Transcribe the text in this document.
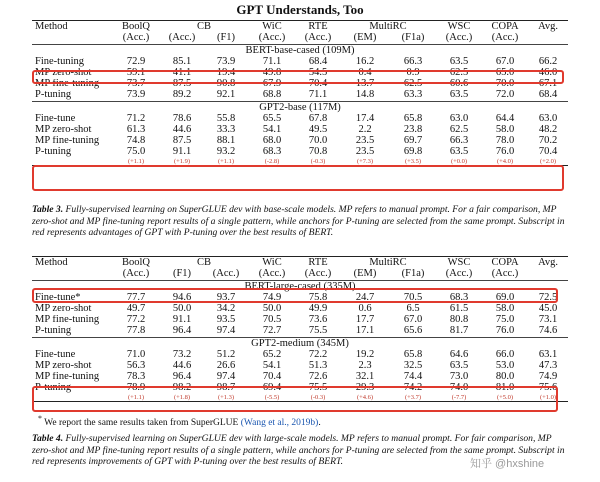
GPT Understands, Too
Method	BoolQ	CB		WiC	RTE	MultiRC		WSC	COPA	Avg.
	(Acc.)	(Acc.)	(F1)	(Acc.)	(Acc.)	(EM)	(F1a)	(Acc.)	(Acc.)	
BERT-base-cased (109M)										
Fine-tuning	72.9	85.1	73.9	71.1	68.4	16.2	66.3	63.5	67.0	66.2
MP zero-shot	59.1	41.1	19.4	49.8	54.5	0.4	0.9	62.5	65.0	46.0
MP fine-tuning	73.7	87.5	90.8	67.9	70.4	13.7	62.5	60.6	70.0	67.1
P-tuning	73.9	89.2	92.1	68.8	71.1	14.8	63.3	63.5	72.0	68.4
GPT2-base (117M)										
Fine-tune	71.2	78.6	55.8	65.5	67.8	17.4	65.8	63.0	64.4	63.0
MP zero-shot	61.3	44.6	33.3	54.1	49.5	2.2	23.8	62.5	58.0	48.2
MP fine-tuning	74.8	87.5	88.1	68.0	70.0	23.5	69.7	66.3	78.0	70.2
P-tuning	75.0	91.1	93.2	68.3	70.8	23.5	69.8	63.5	76.0	70.4
	(+1.1)	(+1.9)	(+1.1)	(-2.8)	(-0.3)	(+7.3)	(+3.5)	(+0.0)	(+4.0)	(+2.0)
Table 3. Fully-supervised learning on SuperGLUE dev with base-scale models. MP refers to manual prompt. For a fair comparison, MP zero-shot and MP fine-tuning report results of a single pattern, while anchors for P-tuning are selected from the same prompt. Subscript in red represents advantages of GPT with P-tuning over the best results of BERT.
Method	BoolQ	CB		WiC	RTE	MultiRC		WSC	COPA	Avg.
	(Acc.)	(F1)	(Acc.)	(Acc.)	(Acc.)	(EM)	(F1a)	(Acc.)	(Acc.)	
BERT-large-cased (335M)										
Fine-tune*	77.7	94.6	93.7	74.9	75.8	24.7	70.5	68.3	69.0	72.5
MP zero-shot	49.7	50.0	34.2	50.0	49.9	0.6	6.5	61.5	58.0	45.0
MP fine-tuning	77.2	91.1	93.5	70.5	73.6	17.7	67.0	80.8	75.0	73.1
P-tuning	77.8	96.4	97.4	72.7	75.5	17.1	65.6	81.7	76.0	74.6
GPT2-medium (345M)										
Fine-tune	71.0	73.2	51.2	65.2	72.2	19.2	65.8	64.6	66.0	63.1
MP zero-shot	56.3	44.6	26.6	54.1	51.3	2.3	32.5	63.5	53.0	47.3
MP fine-tuning	78.3	96.4	97.4	70.4	72.6	32.1	74.4	73.0	80.0	74.9
P-tuning	78.9	98.2	98.7	69.4	75.5	29.3	74.2	74.0	81.0	75.6
	(+1.1)	(+1.8)	(+1.3)	(-5.5)	(-0.3)	(+4.6)	(+3.7)	(-7.7)	(+5.0)	(+1.0)
* We report the same results taken from SuperGLUE (Wang et al., 2019b).
Table 4. Fully-supervised learning on SuperGLUE dev with large-scale models. MP refers to manual prompt. For fair comparison, MP zero-shot and MP fine-tuning report results of a single pattern, while anchors for P-tuning are selected from the same prompt. Subscript in red represents improvements of GPT with P-tuning over the best results of BERT.	知乎 @hxshine
